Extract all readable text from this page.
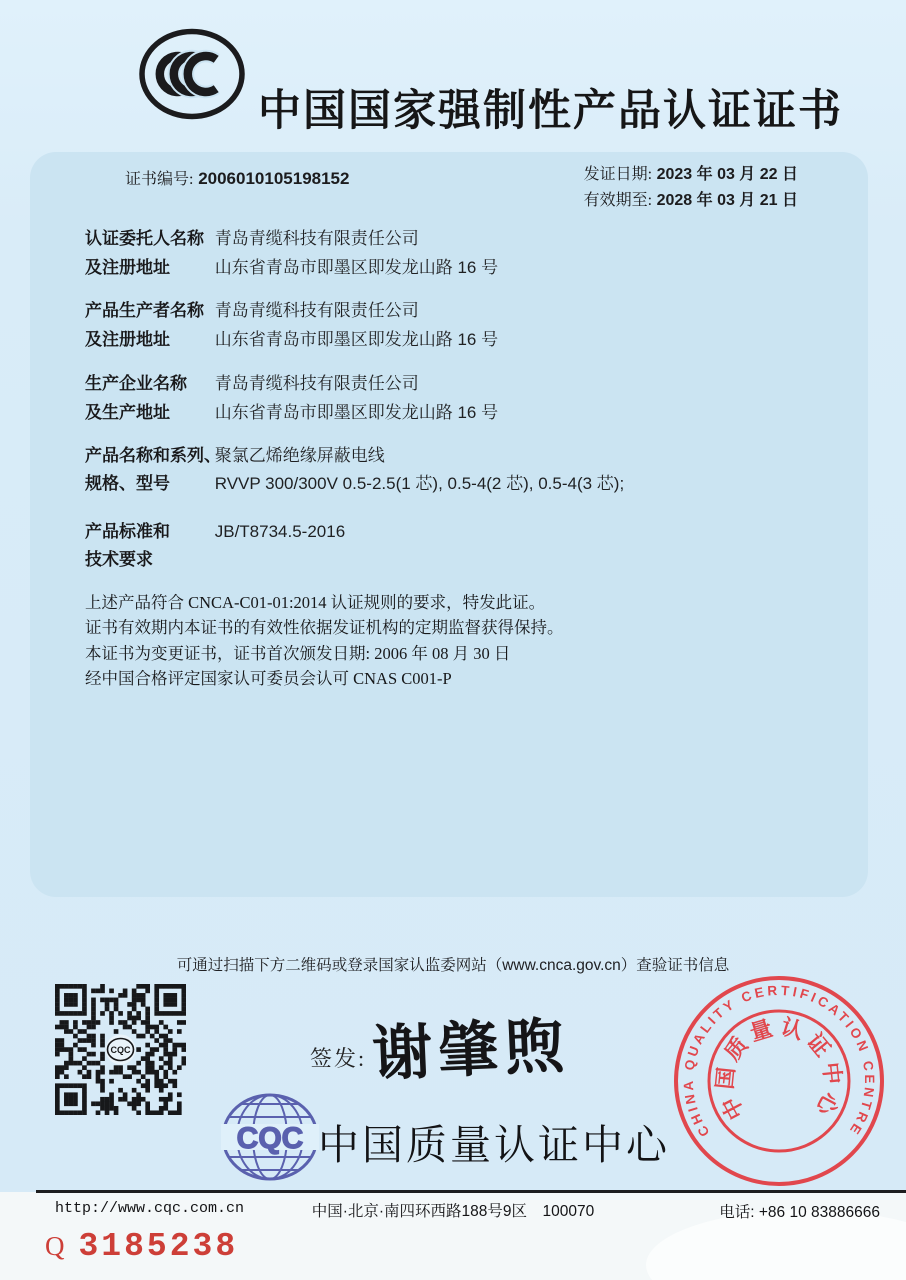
中国国家强制性产品认证证书
证书编号: 2006010105198152	发证日期: 2023 年 03 月 22 日
有效期至: 2028 年 03 月 21 日
认证委托人名称 青岛青缆科技有限责任公司
及注册地址	山东省青岛市即墨区即发龙山路 16 号
产品生产者名称 青岛青缆科技有限责任公司
及注册地址	山东省青岛市即墨区即发龙山路 16 号
生产企业名称 青岛青缆科技有限责任公司
及生产地址	山东省青岛市即墨区即发龙山路 16 号
产品名称和系列、 聚氯乙烯绝缘屏蔽电线
规格、型号	RVVP 300/300V 0.5-2.5(1 芯), 0.5-4(2 芯), 0.5-4(3 芯);
产品标准和	JB/T8734.5-2016
技术要求
上述产品符合 CNCA-C01-01:2014 认证规则的要求，特发此证。
证书有效期内本证书的有效性依据发证机构的定期监督获得保持。
本证书为变更证书，证书首次颁发日期: 2006 年 08 月 30 日
经中国合格评定国家认可委员会认可 CNAS C001-P
可通过扫描下方二维码或登录国家认监委网站（www.cnca.gov.cn）查验证书信息
CQC	签发: 谢肇煦
CQC 中国质量认证中心	CHINA QUALITY CERTIFICATION CENTRE
中国质量认证中心
http://www.cqc.com.cn	中国·北京·南四环西路188号9区　100070	电话: +86 10 83886666
Q 3185238
